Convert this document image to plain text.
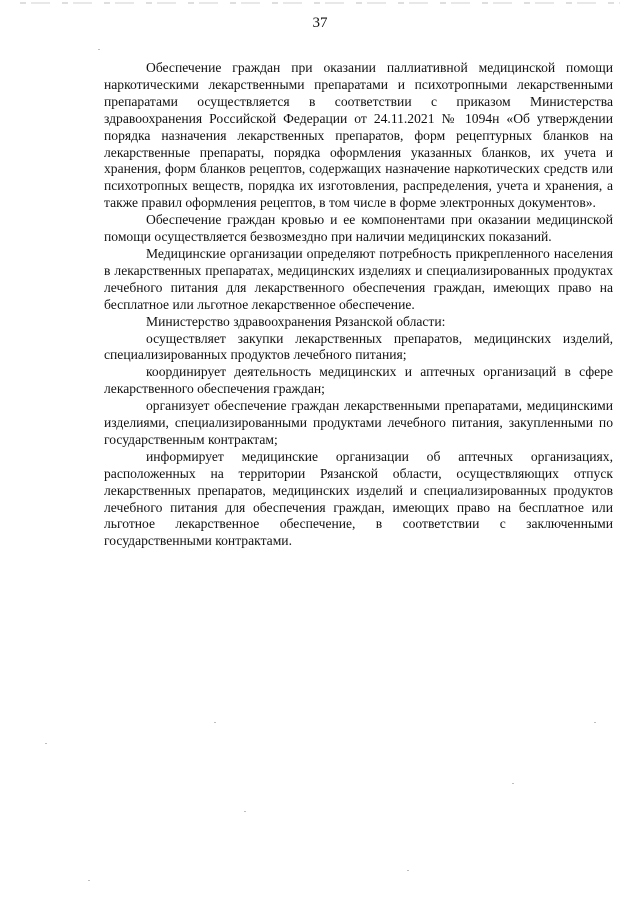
37

Обеспечение граждан при оказании паллиативной медицинской помощи наркотическими лекарственными препаратами и психотропными лекарственными препаратами осуществляется в соответствии с приказом Министерства здравоохранения Российской Федерации от 24.11.2021 № 1094н «Об утверждении порядка назначения лекарственных препаратов, форм рецептурных бланков на лекарственные препараты, порядка оформления указанных бланков, их учета и хранения, форм бланков рецептов, содержащих назначение наркотических средств или психотропных веществ, порядка их изготовления, распределения, учета и хранения, а также правил оформления рецептов, в том числе в форме электронных документов».

Обеспечение граждан кровью и ее компонентами при оказании медицинской помощи осуществляется безвозмездно при наличии медицинских показаний.

Медицинские организации определяют потребность прикрепленного населения в лекарственных препаратах, медицинских изделиях и специализированных продуктах лечебного питания для лекарственного обеспечения граждан, имеющих право на бесплатное или льготное лекарственное обеспечение.

Министерство здравоохранения Рязанской области:

осуществляет закупки лекарственных препаратов, медицинских изделий, специализированных продуктов лечебного питания;

координирует деятельность медицинских и аптечных организаций в сфере лекарственного обеспечения граждан;

организует обеспечение граждан лекарственными препаратами, медицинскими изделиями, специализированными продуктами лечебного питания, закупленными по государственным контрактам;

информирует медицинские организации об аптечных организациях, расположенных на территории Рязанской области, осуществляющих отпуск лекарственных препаратов, медицинских изделий и специализированных продуктов лечебного питания для обеспечения граждан, имеющих право на бесплатное или льготное лекарственное обеспечение, в соответствии с заключенными государственными контрактами.
